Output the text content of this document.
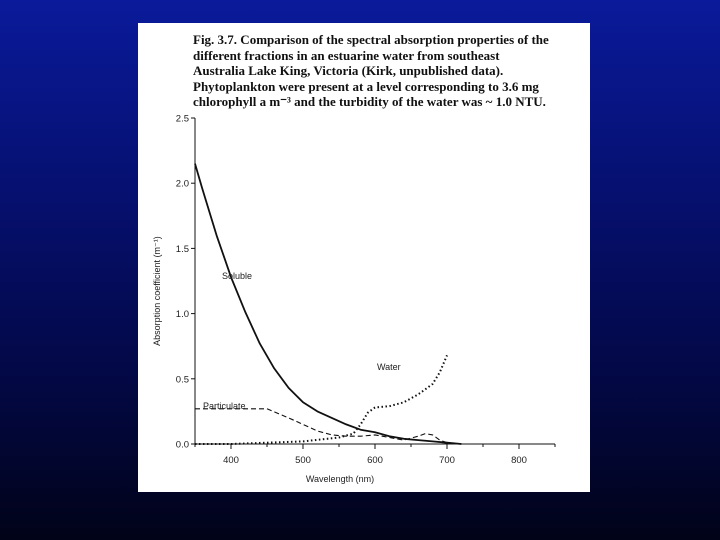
Fig. 3.7. Comparison of the spectral absorption properties of the
different fractions in an estuarine water from southeast
Australia Lake King, Victoria (Kirk, unpublished data).
Phytoplankton were present at a level corresponding to 3.6 mg
chlorophyll a m⁻³ and the turbidity of the water was ~ 1.0 NTU.
0.0
0.5
1.0
1.5
2.0
2.5
400	500	600	700	800
Wavelength (nm)
Absorption coefficient (m⁻¹)	Soluble
Particulate
Water
